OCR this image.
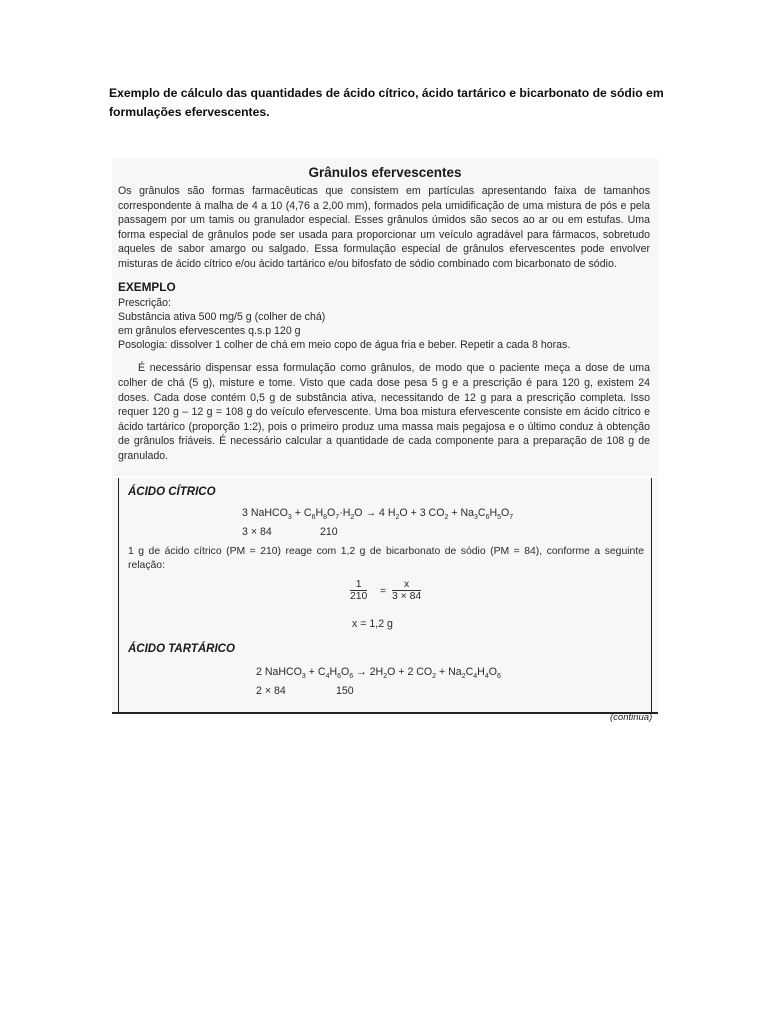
Exemplo de cálculo das quantidades de ácido cítrico, ácido tartárico e bicarbonato de sódio em formulações efervescentes.
Grânulos efervescentes

Os grânulos são formas farmacêuticas que consistem em partículas apresentando faixa de tamanhos correspondente à malha de 4 a 10 (4,76 a 2,00 mm), formados pela umidificação de uma mistura de pós e pela passagem por um tamis ou granulador especial. Esses grânulos úmidos são secos ao ar ou em estufas. Uma forma especial de grânulos pode ser usada para proporcionar um veículo agradável para fármacos, sobretudo aqueles de sabor amargo ou salgado. Essa formulação especial de grânulos efervescentes pode envolver misturas de ácido cítrico e/ou ácido tartárico e/ou bifosfato de sódio combinado com bicarbonato de sódio.

EXEMPLO
Prescrição:
Substância ativa 500 mg/5 g (colher de chá)
em grânulos efervescentes q.s.p 120 g
Posologia: dissolver 1 colher de chá em meio copo de água fria e beber. Repetir a cada 8 horas.

É necessário dispensar essa formulação como grânulos, de modo que o paciente meça a dose de uma colher de chá (5 g), misture e tome. Visto que cada dose pesa 5 g e a prescrição é para 120 g, existem 24 doses. Cada dose contém 0,5 g de substância ativa, necessitando de 12 g para a prescrição completa. Isso requer 120 g – 12 g = 108 g do veículo efervescente. Uma boa mistura efervescente consiste em ácido cítrico e ácido tartárico (proporção 1:2), pois o primeiro produz uma massa mais pegajosa e o último conduz à obtenção de grânulos friáveis. É necessário calcular a quantidade de cada componente para a preparação de 108 g de granulado.

ÁCIDO CÍTRICO
3 NaHCO$_3$ + $C_6H_8O_7\cdot H_2O \to 4$ $H_2O + 3$ $CO_2 + Na_3C_6H_5O_7$
3 × 84	210

1 g de ácido cítrico (PM = 210) reage com 1,2 g de bicarbonato de sódio (PM = 84), conforme a seguinte relação:

$\frac{1}{210} = \frac{x}{3 \times 84}$
x = 1,2 g
ÁCIDO TARTÁRICO
2 NaHCO$_3$ + $C_4H_6O_6 \to 2H_2O + 2$ $CO_2 + Na_2C_4H_4O_6$
2 × 84	150
(continua)
